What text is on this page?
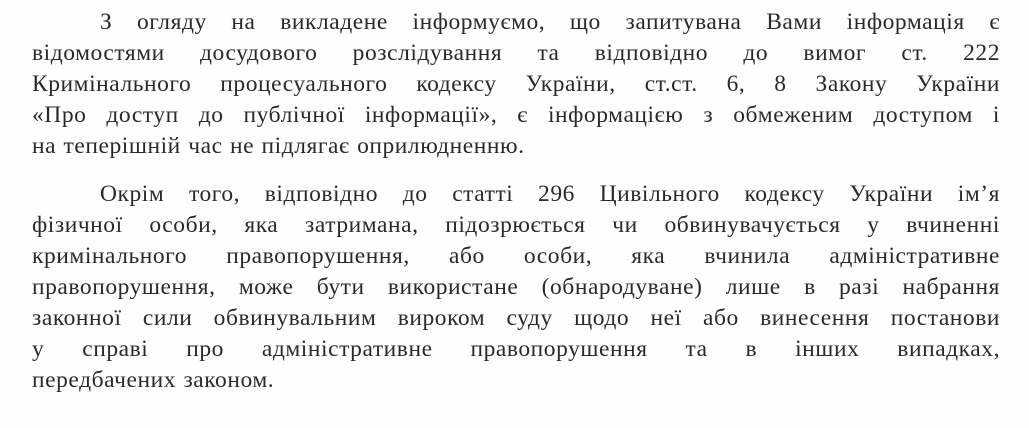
З огляду на викладене інформуємо, що запитувана Вами інформація є
відомостями досудового розслідування та відповідно до вимог ст. 222
Кримінального процесуального кодексу України, ст.ст. 6, 8 Закону України
«Про доступ до публічної інформації», є інформацією з обмеженим доступом і
на теперішній час не підлягає оприлюдненню.

Окрім того, відповідно до статті 296 Цивільного кодексу України ім’я
фізичної особи, яка затримана, підозрюється чи обвинувачується у вчиненні
кримінального правопорушення, або особи, яка вчинила адміністративне
правопорушення, може бути використане (обнародуване) лише в разі набрання
законної сили обвинувальним вироком суду щодо неї або винесення постанови
у справі про адміністративне правопорушення та в інших випадках,
передбачених законом.
